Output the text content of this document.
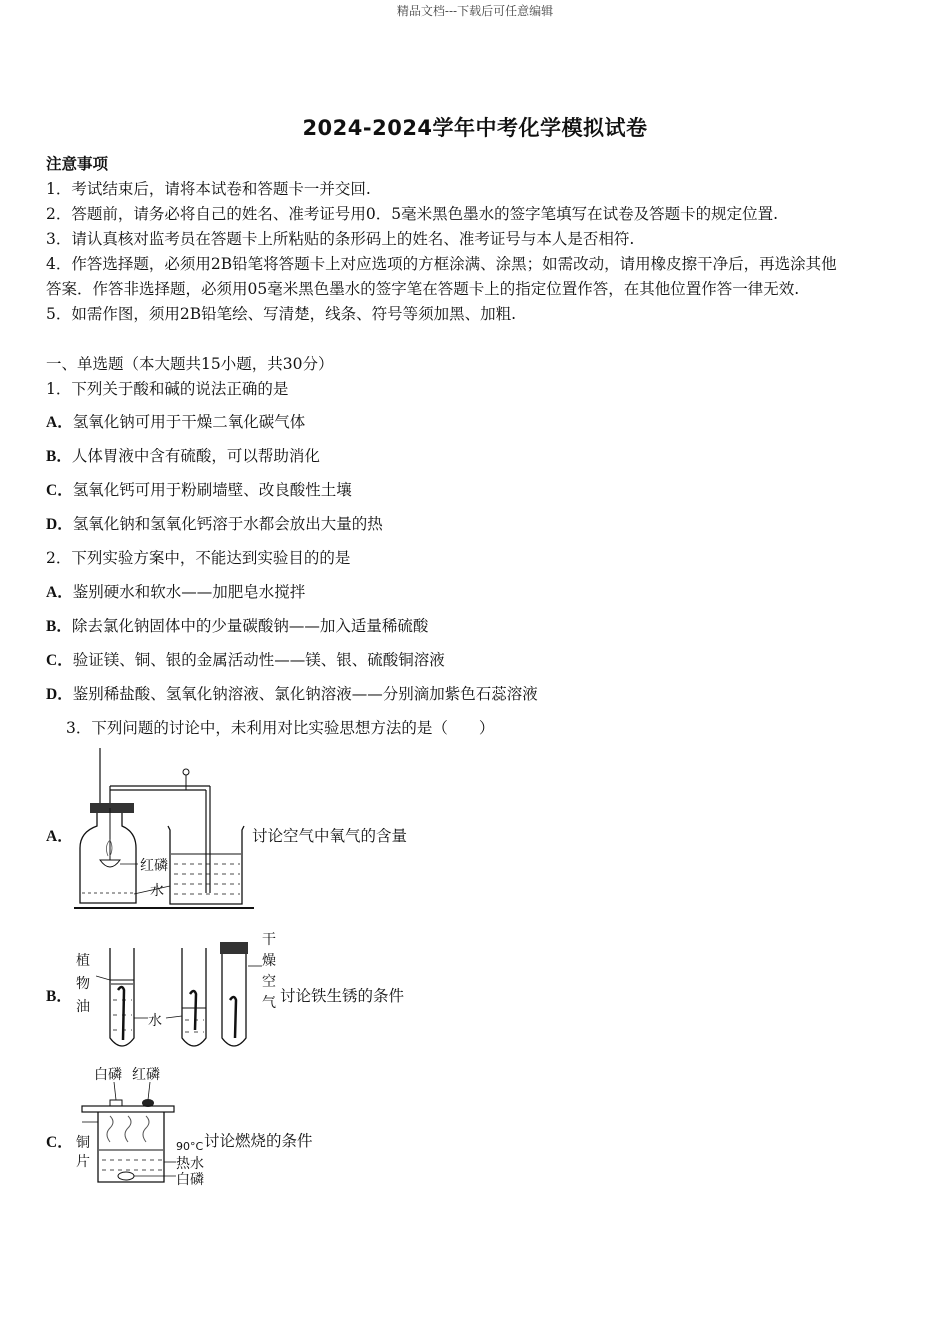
精品文档---下载后可任意编辑
2024-2024学年中考化学模拟试卷
注意事项
1．考试结束后，请将本试卷和答题卡一并交回.
2．答题前，请务必将自己的姓名、准考证号用0．5毫米黑色墨水的签字笔填写在试卷及答题卡的规定位置.
3．请认真核对监考员在答题卡上所粘贴的条形码上的姓名、准考证号与本人是否相符.
4．作答选择题，必须用2B铅笔将答题卡上对应选项的方框涂满、涂黑；如需改动，请用橡皮擦干净后，再选涂其他
答案．作答非选择题，必须用05毫米黑色墨水的签字笔在答题卡上的指定位置作答，在其他位置作答一律无效.
5．如需作图，须用2B铅笔绘、写清楚，线条、符号等须加黑、加粗.
一、单选题（本大题共15小题，共30分）
1．下列关于酸和碱的说法正确的是
A．氢氧化钠可用于干燥二氧化碳气体
B．人体胃液中含有硫酸，可以帮助消化
C．氢氧化钙可用于粉刷墙壁、改良酸性土壤
D．氢氧化钠和氢氧化钙溶于水都会放出大量的热
2．下列实验方案中，不能达到实验目的的是
A．鉴别硬水和软水——加肥皂水搅拌
B．除去氯化钠固体中的少量碳酸钠——加入适量稀硫酸
C．验证镁、铜、银的金属活动性——镁、银、硫酸铜溶液
D．鉴别稀盐酸、氢氧化钠溶液、氯化钠溶液——分别滴加紫色石蕊溶液
3．下列问题的讨论中，未利用对比实验思想方法的是（　　）
A．
红磷
水
讨论空气中氧气的含量
B．
植
物
油
水
干
燥
空
气 讨论铁生锈的条件
C．
白磷 红磷
铜
片
90°C
热水
白磷
讨论燃烧的条件
